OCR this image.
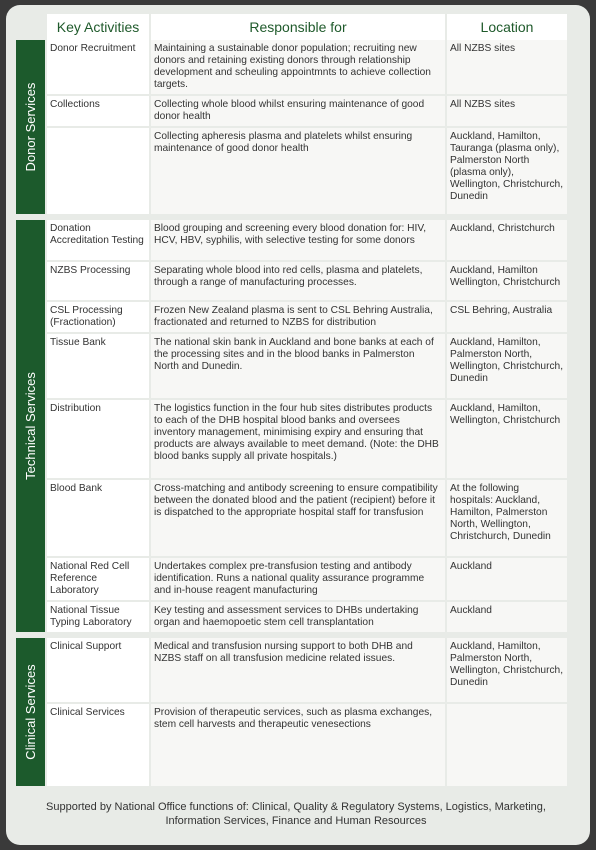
	Key Activities	Responsible for	Location

Donor Services	Donor Recruitment	Maintaining a sustainable donor population; recruiting new donors and retaining existing donors through relationship development and scheuling appointmnts to achieve collection targets.	All NZBS sites
	Collections	Collecting whole blood whilst ensuring maintenance of good donor health	All NZBS sites
		Collecting apheresis plasma and platelets whilst ensuring maintenance of good donor health	Auckland, Hamilton, Tauranga (plasma only), Palmerston North (plasma only), Wellington, Christchurch, Dunedin

Technical Services	Donation Accreditation Testing	Blood grouping and screening every blood donation for: HIV, HCV, HBV, syphilis, with selective testing for some donors	Auckland, Christchurch
	NZBS Processing	Separating whole blood into red cells, plasma and platelets, through a range of manufacturing processes.	Auckland, Hamilton Wellington, Christchurch
	CSL Processing (Fractionation)	Frozen New Zealand plasma is sent to CSL Behring Australia, fractionated and returned to NZBS for distribution	CSL Behring, Australia
	Tissue Bank	The national skin bank in Auckland and bone banks at each of the processing sites and in the blood banks in Palmerston North and Dunedin.	Auckland, Hamilton, Palmerston North, Wellington, Christchurch, Dunedin
	Distribution	The logistics function in the four hub sites distributes products to each of the DHB hospital blood banks and oversees inventory management, minimising expiry and ensuring that products are always available to meet demand. (Note: the DHB blood banks supply all private hospitals.)	Auckland, Hamilton, Wellington, Christchurch
	Blood Bank	Cross-matching and antibody screening to ensure compatibility between the donated blood and the patient (recipient) before it is dispatched to the appropriate hospital staff for transfusion	At the following hospitals: Auckland, Hamilton, Palmerston North, Wellington, Christchurch, Dunedin
	National Red Cell Reference Laboratory	Undertakes complex pre-transfusion testing and antibody identification. Runs a national quality assurance programme and in-house reagent manufacturing	Auckland
	National Tissue Typing Laboratory	Key testing and assessment services to DHBs undertaking organ and haemopoetic stem cell transplantation	Auckland

Clinical Services	Clinical Support	Medical and transfusion nursing support to both DHB and NZBS staff on all transfusion medicine related issues.	Auckland, Hamilton, Palmerston North, Wellington, Christchurch, Dunedin
	Clinical Services	Provision of therapeutic services, such as plasma exchanges, stem cell harvests and therapeutic venesections	
Supported by National Office functions of: Clinical, Quality & Regulatory Systems, Logistics, Marketing, Information Services, Finance and Human Resources
